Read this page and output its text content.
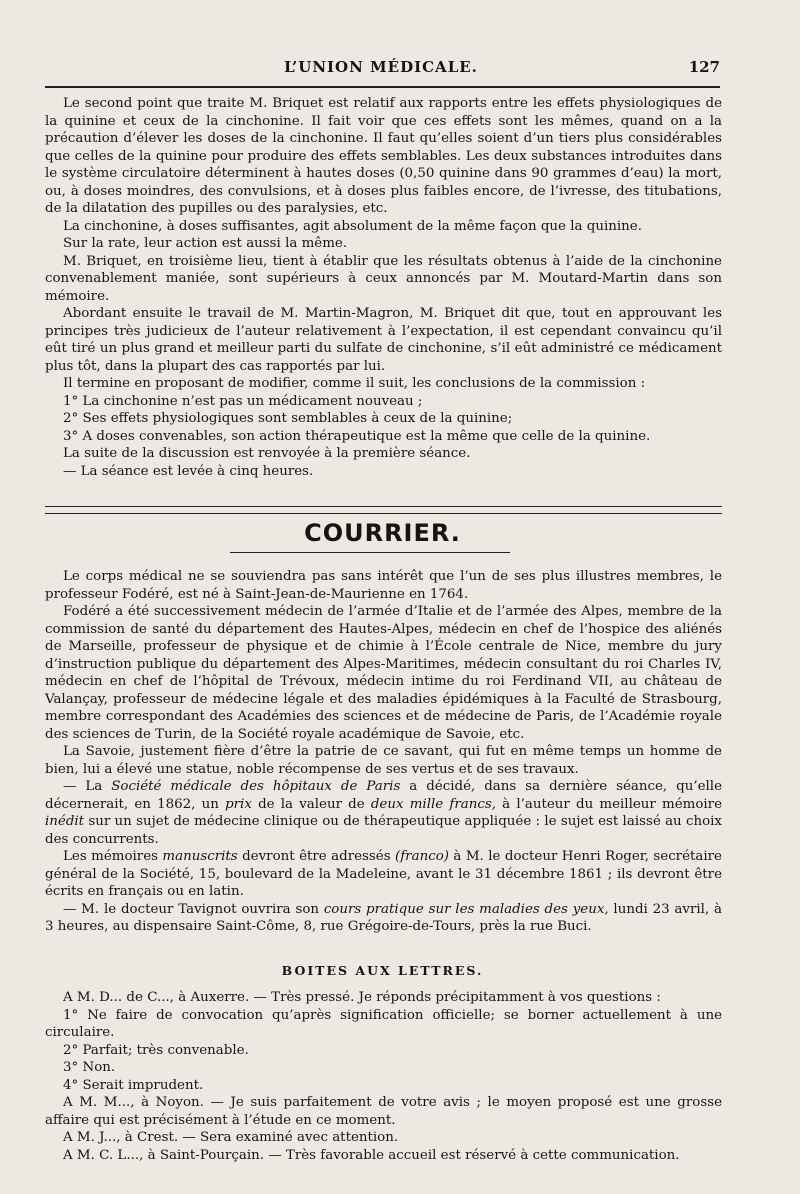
L’UNION MÉDICALE.	127

Le second point que traite M. Briquet est relatif aux rapports entre les effets physiologiques de la quinine et ceux de la cinchonine. Il fait voir que ces effets sont les mêmes, quand on a la précaution d’élever les doses de la cinchonine. Il faut qu’elles soient d’un tiers plus considérables que celles de la quinine pour produire des effets semblables. Les deux substances introduites dans le système circulatoire déterminent à hautes doses (0,50 quinine dans 90 grammes d’eau) la mort, ou, à doses moindres, des convulsions, et à doses plus faibles encore, de l’ivresse, des titubations, de la dilatation des pupilles ou des paralysies, etc.

La cinchonine, à doses suffisantes, agit absolument de la même façon que la quinine.

Sur la rate, leur action est aussi la même.

M. Briquet, en troisième lieu, tient à établir que les résultats obtenus à l’aide de la cinchonine convenablement maniée, sont supérieurs à ceux annoncés par M. Moutard-Martin dans son mémoire.

Abordant ensuite le travail de M. Martin-Magron, M. Briquet dit que, tout en approuvant les principes très judicieux de l’auteur relativement à l’expectation, il est cependant convaincu qu’il eût tiré un plus grand et meilleur parti du sulfate de cinchonine, s’il eût administré ce médicament plus tôt, dans la plupart des cas rapportés par lui.

Il termine en proposant de modifier, comme il suit, les conclusions de la commission :

1° La cinchonine n’est pas un médicament nouveau ;

2° Ses effets physiologiques sont semblables à ceux de la quinine;

3° A doses convenables, son action thérapeutique est la même que celle de la quinine.

La suite de la discussion est renvoyée à la première séance.

— La séance est levée à cinq heures.

COURRIER.

Le corps médical ne se souviendra pas sans intérêt que l’un de ses plus illustres membres, le professeur Fodéré, est né à Saint-Jean-de-Maurienne en 1764.

Fodéré a été successivement médecin de l’armée d’Italie et de l’armée des Alpes, membre de la commission de santé du département des Hautes-Alpes, médecin en chef de l’hospice des aliénés de Marseille, professeur de physique et de chimie à l’École centrale de Nice, membre du jury d’instruction publique du département des Alpes-Maritimes, médecin consultant du roi Charles IV, médecin en chef de l’hôpital de Trévoux, médecin intime du roi Ferdinand VII, au château de Valançay, professeur de médecine légale et des maladies épidémiques à la Faculté de Strasbourg, membre correspondant des Académies des sciences et de médecine de Paris, de l’Académie royale des sciences de Turin, de la Société royale académique de Savoie, etc.

La Savoie, justement fière d’être la patrie de ce savant, qui fut en même temps un homme de bien, lui a élevé une statue, noble récompense de ses vertus et de ses travaux.

— La Société médicale des hôpitaux de Paris a décidé, dans sa dernière séance, qu’elle décernerait, en 1862, un prix de la valeur de deux mille francs, à l’auteur du meilleur mémoire inédit sur un sujet de médecine clinique ou de thérapeutique appliquée : le sujet est laissé au choix des concurrents.

Les mémoires manuscrits devront être adressés (franco) à M. le docteur Henri Roger, secrétaire général de la Société, 15, boulevard de la Madeleine, avant le 31 décembre 1861 ; ils devront être écrits en français ou en latin.

— M. le docteur Tavignot ouvrira son cours pratique sur les maladies des yeux, lundi 23 avril, à 3 heures, au dispensaire Saint-Côme, 8, rue Grégoire-de-Tours, près la rue Buci.

BOITES AUX LETTRES.

A M. D... de C..., à Auxerre. — Très pressé. Je réponds précipitamment à vos questions :

1° Ne faire de convocation qu’après signification officielle; se borner actuellement à une circulaire.

2° Parfait; très convenable.

3° Non.

4° Serait imprudent.

A M. M..., à Noyon. — Je suis parfaitement de votre avis ; le moyen proposé est une grosse affaire qui est précisément à l’étude en ce moment.

A M. J..., à Crest. — Sera examiné avec attention.

A M. C. L..., à Saint-Pourçain. — Très favorable accueil est réservé à cette communication.
